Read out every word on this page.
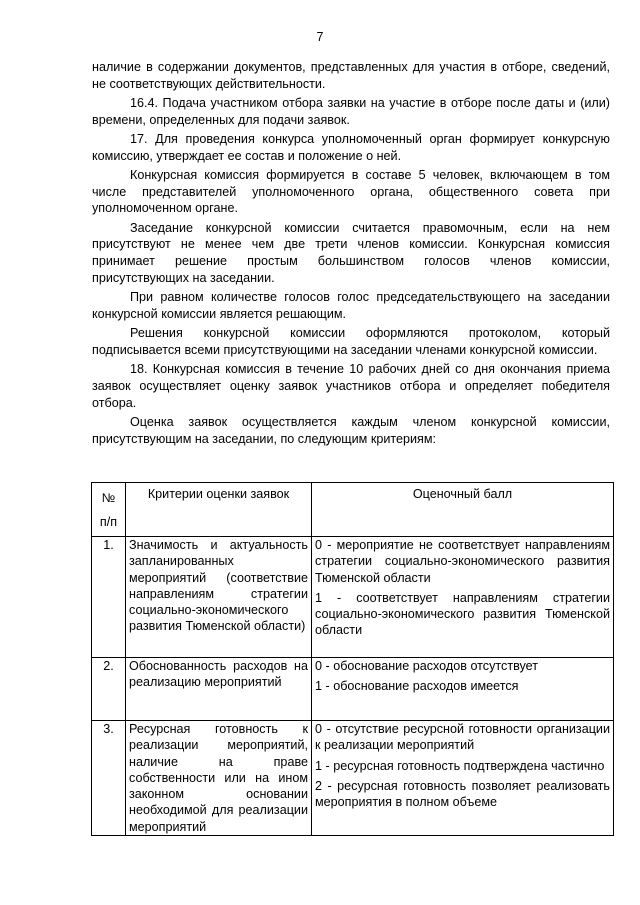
7

наличие в содержании документов, представленных для участия в отборе, сведений, не соответствующих действительности.

16.4. Подача участником отбора заявки на участие в отборе после даты и (или) времени, определенных для подачи заявок.

17. Для проведения конкурса уполномоченный орган формирует конкурсную комиссию, утверждает ее состав и положение о ней.

Конкурсная комиссия формируется в составе 5 человек, включающем в том числе представителей уполномоченного органа, общественного совета при уполномоченном органе.

Заседание конкурсной комиссии считается правомочным, если на нем присутствуют не менее чем две трети членов комиссии. Конкурсная комиссия принимает решение простым большинством голосов членов комиссии, присутствующих на заседании.

При равном количестве голосов голос председательствующего на заседании конкурсной комиссии является решающим.

Решения конкурсной комиссии оформляются протоколом, который подписывается всеми присутствующими на заседании членами конкурсной комиссии.

18. Конкурсная комиссия в течение 10 рабочих дней со дня окончания приема заявок осуществляет оценку заявок участников отбора и определяет победителя отбора.

Оценка заявок осуществляется каждым членом конкурсной комиссии, присутствующим на заседании, по следующим критериям:

№
п/п	Критерии оценки заявок	Оценочный балл
1.	Значимость и актуальность запланированных мероприятий (соответствие направлениям стратегии социально-экономического развития Тюменской области)	0 - мероприятие не соответствует направлениям стратегии социально-экономического развития Тюменской области

1 - соответствует направлениям стратегии социально-экономического развития Тюменской области

2.	Обоснованность расходов на реализацию мероприятий	0 - обоснование расходов отсутствует

1 - обоснование расходов имеется

3.	Ресурсная готовность к реализации мероприятий, наличие на праве собственности или на ином законном основании необходимой для реализации мероприятий	0 - отсутствие ресурсной готовности организации к реализации мероприятий

1 - ресурсная готовность подтверждена частично

2 - ресурсная готовность позволяет реализовать мероприятия в полном объеме
